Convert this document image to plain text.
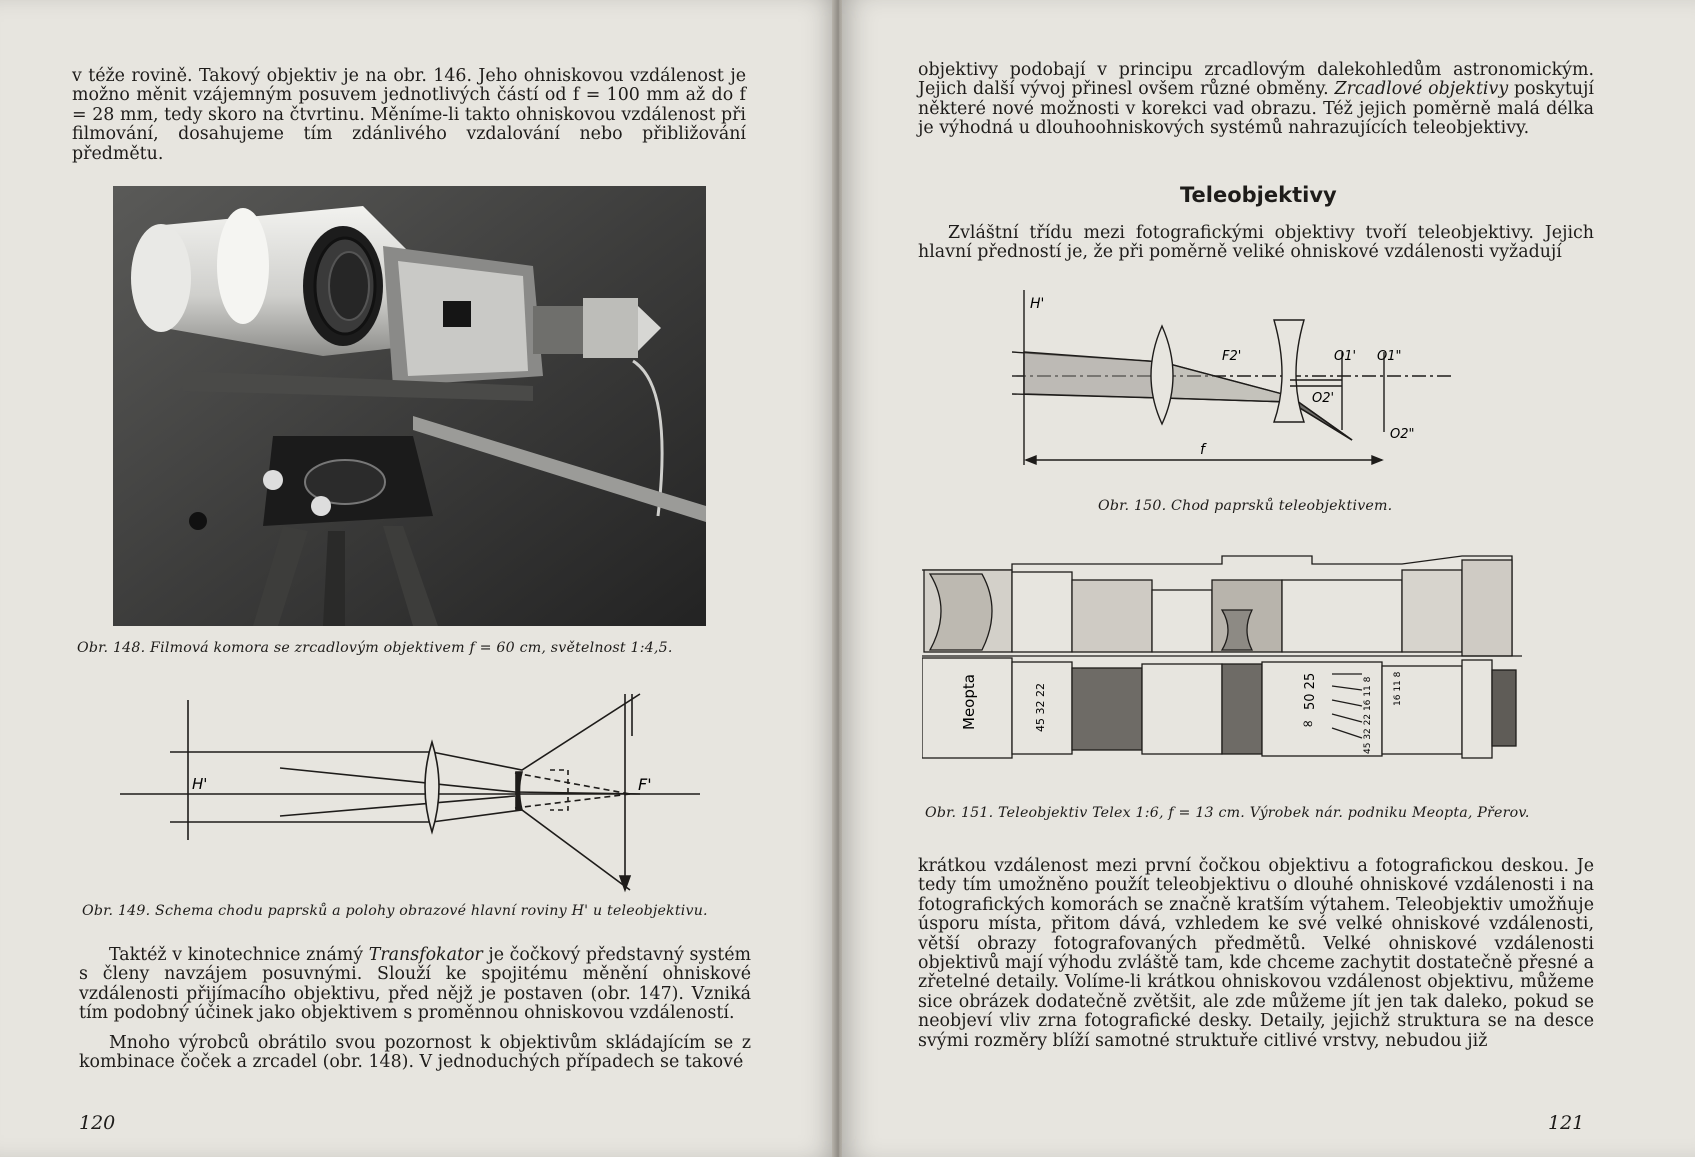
v téže rovině. Takový objektiv je na obr. 146. Jeho ohniskovou vzdálenost je možno měnit vzájemným posuvem jednotlivých částí od f = 100 mm až do f = 28 mm, tedy skoro na čtvrtinu. Měníme-li takto ohniskovou vzdálenost při filmování, dosahujeme tím zdánlivého vzdalování nebo přibližování předmětu.

Obr. 148. Filmová komora se zrcadlovým objektivem f = 60 cm, světelnost 1:4,5.

H'	F'

Obr. 149. Schema chodu paprsků a polohy obrazové hlavní roviny H' u teleobjektivu.

Taktéž v kinotechnice známý Transfokator je čočkový představný systém s členy navzájem posuvnými. Slouží ke spojitému měnění ohniskové vzdálenosti přijímacího objektivu, před nějž je postaven (obr. 147). Vzniká tím podobný účinek jako objektivem s proměnnou ohniskovou vzdáleností.

Mnoho výrobců obrátilo svou pozornost k objektivům skládajícím se z kombinace čoček a zrcadel (obr. 148). V jednoduchých případech se takové

120

objektivy podobají v principu zrcadlovým dalekohledům astronomickým. Jejich další vývoj přinesl ovšem různé obměny. Zrcadlové objektivy poskytují některé nové možnosti v korekci vad obrazu. Též jejich poměrně malá délka je výhodná u dlouhoohniskových systémů nahrazujících teleobjektivy.

Teleobjektivy

Zvláštní třídu mezi fotografickými objektivy tvoří teleobjektivy. Jejich hlavní předností je, že při poměrně veliké ohniskové vzdálenosti vyžadují

H'
F2'	O1' O1"
O2'
O2"
f

Obr. 150. Chod paprsků teleobjektivem.

Meopta	45 32 22	50 25
∞
16 11 8
45 32 22 16 11 8

Obr. 151. Teleobjektiv Telex 1:6, f = 13 cm. Výrobek nár. podniku Meopta, Přerov.

krátkou vzdálenost mezi první čočkou objektivu a fotografickou deskou. Je tedy tím umožněno použít teleobjektivu o dlouhé ohniskové vzdálenosti i na fotografických komorách se značně kratším výtahem. Teleobjektiv umožňuje úsporu místa, přitom dává, vzhledem ke své velké ohniskové vzdálenosti, větší obrazy fotografovaných předmětů. Velké ohniskové vzdálenosti objektivů mají výhodu zvláště tam, kde chceme zachytit dostatečně přesné a zřetelné detaily. Volíme-li krátkou ohniskovou vzdálenost objektivu, můžeme sice obrázek dodatečně zvětšit, ale zde můžeme jít jen tak daleko, pokud se neobjeví vliv zrna fotografické desky. Detaily, jejichž struktura se na desce svými rozměry blíží samotné struktuře citlivé vrstvy, nebudou již

121
